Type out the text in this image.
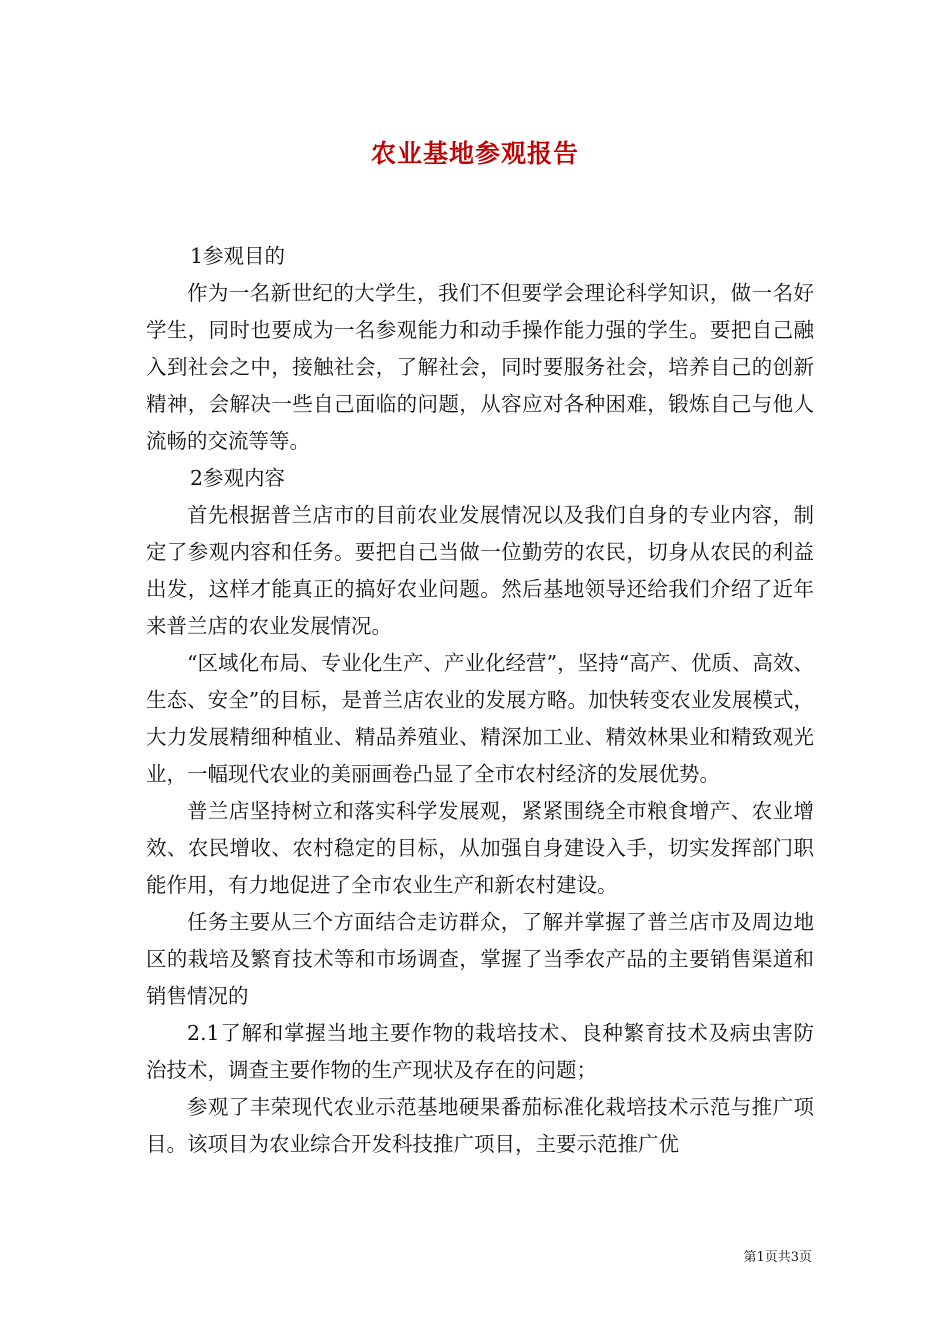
农业基地参观报告

1参观目的

作为一名新世纪的大学生，我们不但要学会理论科学知识，做一名好学生，同时也要成为一名参观能力和动手操作能力强的学生。要把自己融入到社会之中，接触社会，了解社会，同时要服务社会，培养自己的创新精神，会解决一些自己面临的问题，从容应对各种困难，锻炼自己与他人流畅的交流等等。

2参观内容

首先根据普兰店市的目前农业发展情况以及我们自身的专业内容，制定了参观内容和任务。要把自己当做一位勤劳的农民，切身从农民的利益出发，这样才能真正的搞好农业问题。然后基地领导还给我们介绍了近年来普兰店的农业发展情况。

“区域化布局、专业化生产、产业化经营”，坚持“高产、优质、高效、生态、安全”的目标，是普兰店农业的发展方略。加快转变农业发展模式，大力发展精细种植业、精品养殖业、精深加工业、精效林果业和精致观光业，一幅现代农业的美丽画卷凸显了全市农村经济的发展优势。

普兰店坚持树立和落实科学发展观，紧紧围绕全市粮食增产、农业增效、农民增收、农村稳定的目标，从加强自身建设入手，切实发挥部门职能作用，有力地促进了全市农业生产和新农村建设。

任务主要从三个方面结合走访群众，了解并掌握了普兰店市及周边地区的栽培及繁育技术等和市场调查，掌握了当季农产品的主要销售渠道和销售情况的

2.1了解和掌握当地主要作物的栽培技术、良种繁育技术及病虫害防治技术，调查主要作物的生产现状及存在的问题；

参观了丰荣现代农业示范基地硬果番茄标准化栽培技术示范与推广项目。该项目为农业综合开发科技推广项目，主要示范推广优

第1页共3页
